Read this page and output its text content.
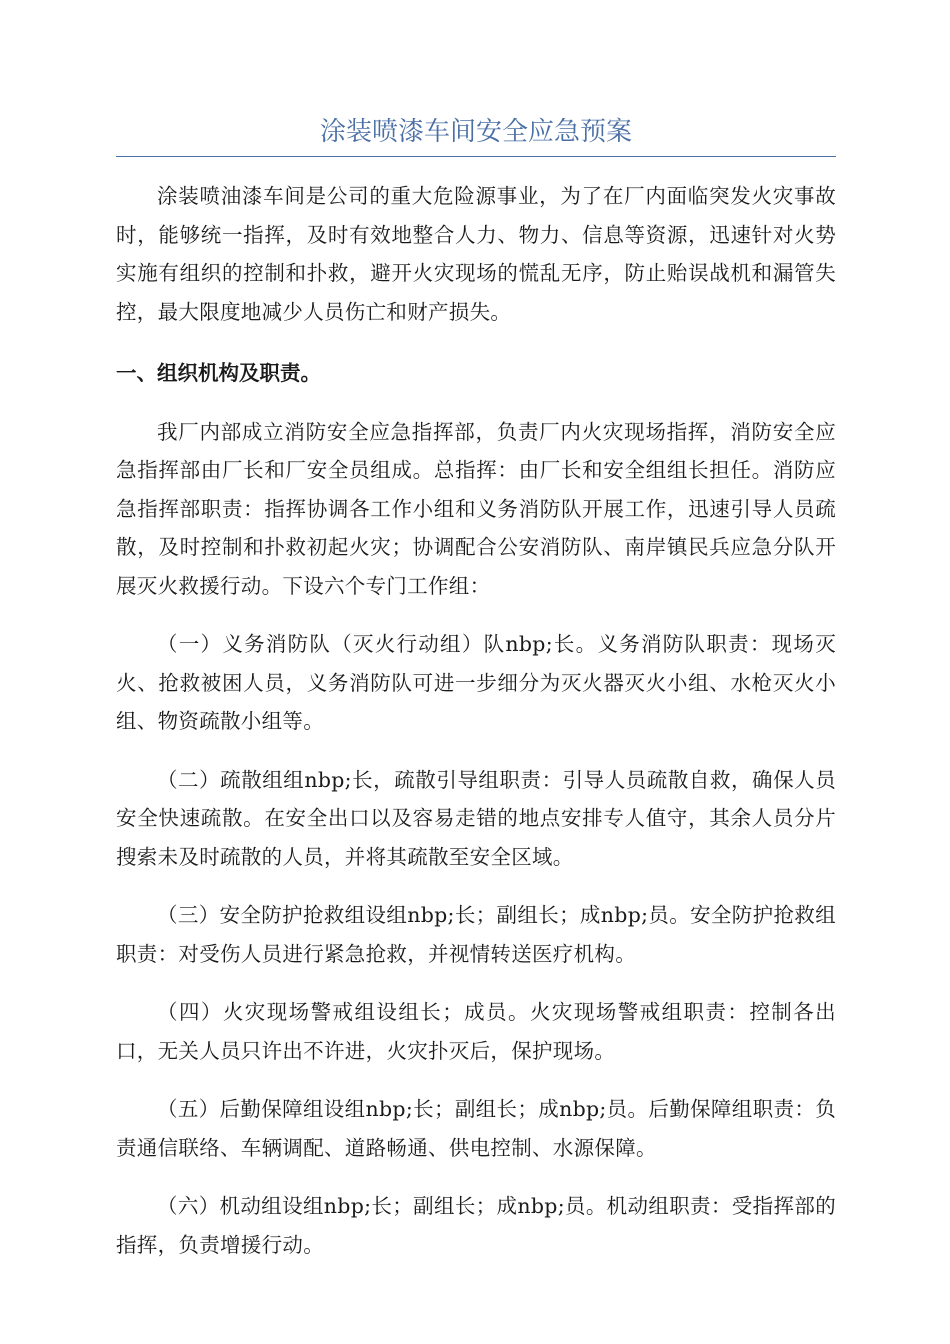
涂装喷漆车间安全应急预案

涂装喷油漆车间是公司的重大危险源事业，为了在厂内面临突发火灾事故时，能够统一指挥，及时有效地整合人力、物力、信息等资源，迅速针对火势实施有组织的控制和扑救，避开火灾现场的慌乱无序，防止贻误战机和漏管失控，最大限度地减少人员伤亡和财产损失。

一、组织机构及职责。

我厂内部成立消防安全应急指挥部，负责厂内火灾现场指挥，消防安全应急指挥部由厂长和厂安全员组成。总指挥：由厂长和安全组组长担任。消防应急指挥部职责：指挥协调各工作小组和义务消防队开展工作，迅速引导人员疏散，及时控制和扑救初起火灾；协调配合公安消防队、南岸镇民兵应急分队开展灭火救援行动。下设六个专门工作组：

（一）义务消防队（灭火行动组）队nbp;长。义务消防队职责：现场灭火、抢救被困人员，义务消防队可进一步细分为灭火器灭火小组、水枪灭火小组、物资疏散小组等。

（二）疏散组组nbp;长，疏散引导组职责：引导人员疏散自救，确保人员安全快速疏散。在安全出口以及容易走错的地点安排专人值守，其余人员分片搜索未及时疏散的人员，并将其疏散至安全区域。

（三）安全防护抢救组设组nbp;长；副组长；成nbp;员。安全防护抢救组职责：对受伤人员进行紧急抢救，并视情转送医疗机构。

（四）火灾现场警戒组设组长；成员。火灾现场警戒组职责：控制各出口，无关人员只许出不许进，火灾扑灭后，保护现场。

（五）后勤保障组设组nbp;长；副组长；成nbp;员。后勤保障组职责：负责通信联络、车辆调配、道路畅通、供电控制、水源保障。

（六）机动组设组nbp;长；副组长；成nbp;员。机动组职责：受指挥部的指挥，负责增援行动。
